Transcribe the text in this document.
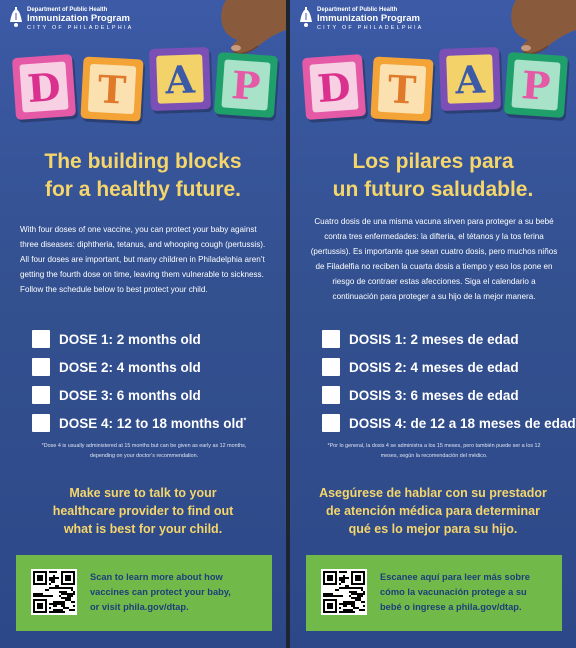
Department of Public Health
Immunization Program
CITY OF PHILADELPHIA
D T A P
The building blocks
for a healthy future.
With four doses of one vaccine, you can protect your baby against three diseases: diphtheria, tetanus, and whooping cough (pertussis). All four doses are important, but many children in Philadelphia aren’t getting the fourth dose on time, leaving them vulnerable to sickness. Follow the schedule below to best protect your child.
DOSE 1: 2 months old
DOSE 2: 4 months old
DOSE 3: 6 months old
DOSE 4: 12 to 18 months old*
*Dose 4 is usually administered at 15 months but can be given as early as 12 months, depending on your doctor’s recommendation.
Make sure to talk to your
healthcare provider to find out
what is best for your child.
Scan to learn more about how
vaccines can protect your baby,
or visit phila.gov/dtap.
Department of Public Health
Immunization Program
CITY OF PHILADELPHIA
D T A P
Los pilares para
un futuro saludable.
Cuatro dosis de una misma vacuna sirven para proteger a su bebé contra tres enfermedades: la difteria, el tétanos y la tos ferina (pertussis). Es importante que sean cuatro dosis, pero muchos niños de Filadelfia no reciben la cuarta dosis a tiempo y eso los pone en riesgo de contraer estas afecciones. Siga el calendario a continuación para proteger a su hijo de la mejor manera.
DOSIS 1: 2 meses de edad
DOSIS 2: 4 meses de edad
DOSIS 3: 6 meses de edad
DOSIS 4: de 12 a 18 meses de edad
*Por lo general, la dosis 4 se administra a los 15 meses, pero también puede ser a los 12 meses, según la recomendación del médico.
Asegúrese de hablar con su prestador
de atención médica para determinar
qué es lo mejor para su hijo.
Escanee aquí para leer más sobre
cómo la vacunación protege a su
bebé o ingrese a phila.gov/dtap.
